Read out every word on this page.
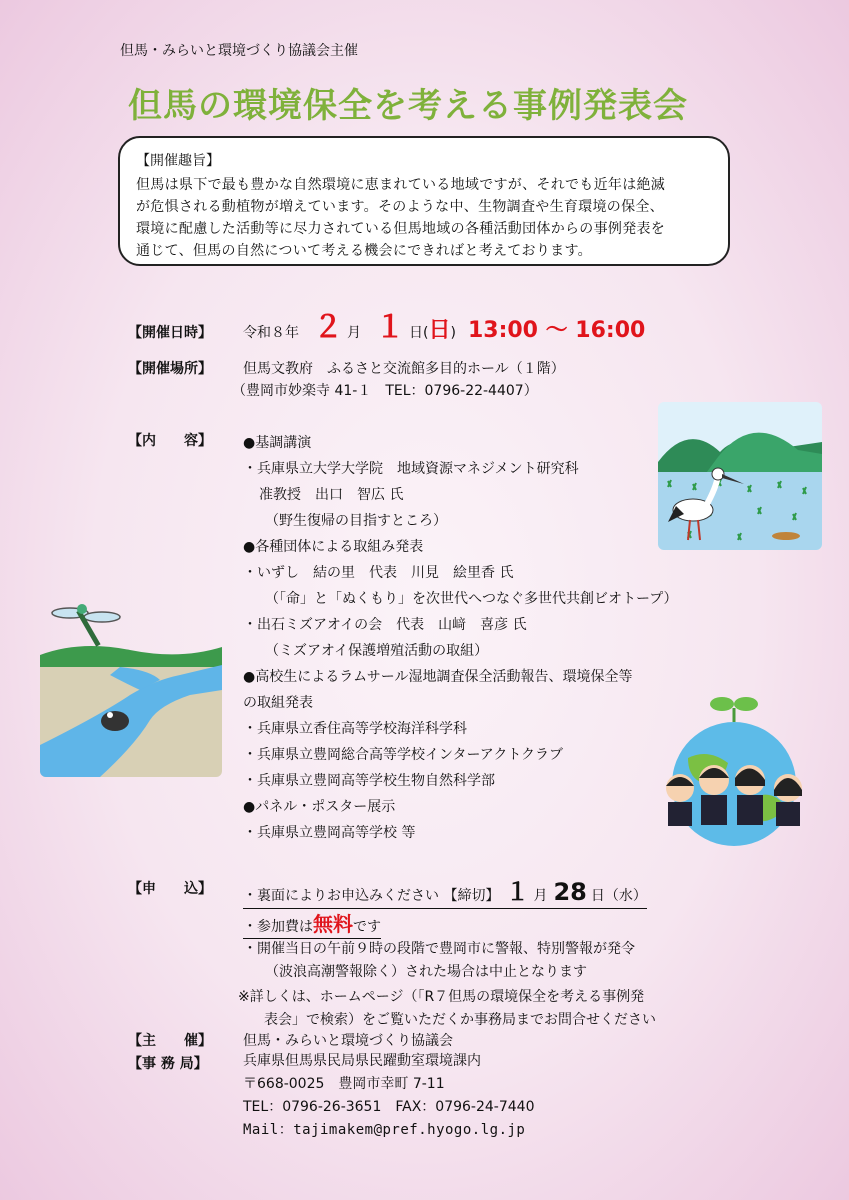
但馬・みらいと環境づくり協議会主催
但馬の環境保全を考える事例発表会
【開催趣旨】
但馬は県下で最も豊かな自然環境に恵まれている地域ですが、それでも近年は絶滅
が危惧される動植物が増えています。そのような中、生物調査や生育環境の保全、
環境に配慮した活動等に尽力されている但馬地域の各種活動団体からの事例発表を
通じて、但馬の自然について考える機会にできればと考えております。
【開催日時】	令和８年 ２ 月 １ 日 ( 日 ) 13:00 ～ 16:00
【開催場所】 但馬文教府　ふるさと交流館多目的ホール（１階）
（豊岡市妙楽寺 41-１　TEL：0796-22-4407）
【内　　容】 ●基調講演
・兵庫県立大学大学院　地域資源マネジメント研究科
准教授　出口　智広 氏
（野生復帰の目指すところ）
●各種団体による取組み発表
・いずし　結の里　代表　川見　絵里香 氏
（「命」と「ぬくもり」を次世代へつなぐ多世代共創ビオトープ）
・出石ミズアオイの会　代表　山﨑　喜彦 氏
（ミズアオイ保護増殖活動の取組）
●高校生によるラムサール湿地調査保全活動報告、環境保全等
の取組発表
・兵庫県立香住高等学校海洋科学科
・兵庫県立豊岡総合高等学校インターアクトクラブ
・兵庫県立豊岡高等学校生物自然科学部
●パネル・ポスター展示
・兵庫県立豊岡高等学校 等
【申　　込】 ・裏面によりお申込みください 【締切】 １ 月 28 日（水）
・参加費は 無料 です
・開催当日の午前９時の段階で豊岡市に警報、特別警報が発令
（波浪高潮警報除く）された場合は中止となります
※詳しくは、ホームページ（「R７但馬の環境保全を考える事例発
表会」で検索）をご覧いただくか事務局までお問合せください
【主　　催】 但馬・みらいと環境づくり協議会
【事 務 局】	兵庫県但馬県民局県民躍動室環境課内
〒668-0025　豊岡市幸町 7-11
TEL：0796-26-3651　FAX：0796-24-7440
Mail：tajimakem@pref.hyogo.lg.jp
